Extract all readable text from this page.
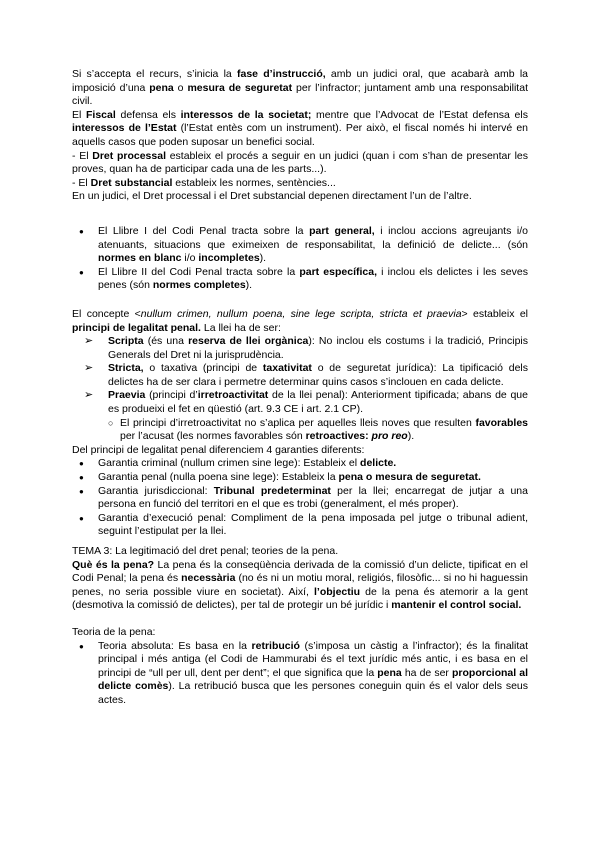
Si s’accepta el recurs, s’inicia la fase d’instrucció, amb un judici oral, que acabarà amb la imposició d’una pena o mesura de seguretat per l’infractor; juntament amb una responsabilitat civil.

El Fiscal defensa els interessos de la societat; mentre que l’Advocat de l’Estat defensa els interessos de l’Estat (l’Estat entès com un instrument). Per això, el fiscal només hi intervé en aquells casos que poden suposar un benefici social.

- El Dret processal estableix el procés a seguir en un judici (quan i com s’han de presentar les proves, quan ha de participar cada una de les parts...).

- El Dret substancial estableix les normes, sentències...

En un judici, el Dret processal i el Dret substancial depenen directament l’un de l’altre.

● El Llibre I del Codi Penal tracta sobre la part general, i inclou accions agreujants i/o atenuants, situacions que eximeixen de responsabilitat, la definició de delicte... (són normes en blanc i/o incompletes).
● El Llibre II del Codi Penal tracta sobre la part específica, i inclou els delictes i les seves penes (són normes completes).

El concepte <nullum crimen, nullum poena, sine lege scripta, stricta et praevia> estableix el principi de legalitat penal. La llei ha de ser:

➢ Scripta (és una reserva de llei orgànica): No inclou els costums i la tradició, Principis Generals del Dret ni la jurisprudència.
➢ Stricta, o taxativa (principi de taxativitat o de seguretat jurídica): La tipificació dels delictes ha de ser clara i permetre determinar quins casos s’inclouen en cada delicte.
➢ Praevia (principi d’irretroactivitat de la llei penal): Anteriorment tipificada; abans de que es produeixi el fet en qüestió (art. 9.3 CE i art. 2.1 CP).
○ El principi d’irretroactivitat no s’aplica per aquelles lleis noves que resulten favorables per l’acusat (les normes favorables són retroactives: pro reo).

Del principi de legalitat penal diferenciem 4 garanties diferents:

● Garantia criminal (nullum crimen sine lege): Estableix el delicte.
● Garantia penal (nulla poena sine lege): Estableix la pena o mesura de seguretat.
● Garantia jurisdiccional: Tribunal predeterminat per la llei; encarregat de jutjar a una persona en funció del territori en el que es trobi (generalment, el més proper).
● Garantia d’execució penal: Compliment de la pena imposada pel jutge o tribunal adient, seguint l’estipulat per la llei.

TEMA 3: La legitimació del dret penal; teories de la pena.

Què és la pena? La pena és la conseqüència derivada de la comissió d’un delicte, tipificat en el Codi Penal; la pena és necessària (no és ni un motiu moral, religiós, filosòfic... si no hi haguessin penes, no seria possible viure en societat). Així, l’objectiu de la pena és atemorir a la gent (desmotiva la comissió de delictes), per tal de protegir un bé jurídic i mantenir el control social.

Teoria de la pena:

● Teoria absoluta: Es basa en la retribució (s’imposa un càstig a l’infractor); és la finalitat principal i més antiga (el Codi de Hammurabi és el text jurídic més antic, i es basa en el principi de “ull per ull, dent per dent”; el que significa que la pena ha de ser proporcional al delicte comès). La retribució busca que les persones coneguin quin és el valor dels seus actes.
